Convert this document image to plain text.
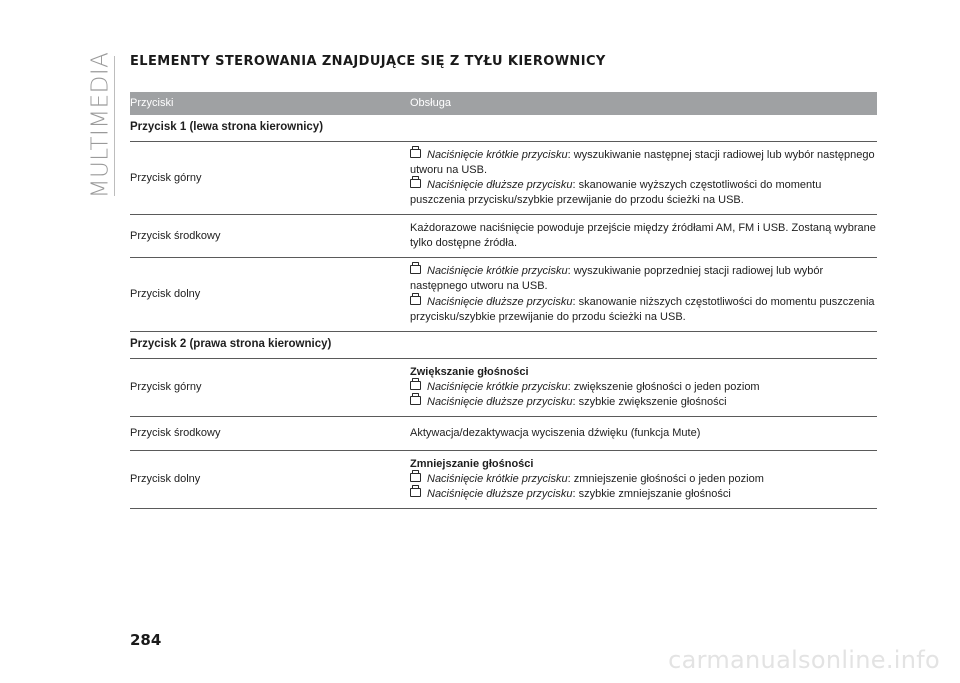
MULTIMEDIA ELEMENTY STEROWANIA ZNAJDUJĄCE SIĘ Z TYŁU KIEROWNICY
Przyciski	Obsługa
Przycisk 1 (lewa strona kierownicy)	
Przycisk górny	Naciśnięcie krótkie przycisku: wyszukiwanie następnej stacji radiowej lub wybór następnego utworu na USB.
Naciśnięcie dłuższe przycisku: skanowanie wyższych częstotliwości do momentu puszczenia przycisku/szybkie przewijanie do przodu ścieżki na USB.

Przycisk środkowy	Każdorazowe naciśnięcie powoduje przejście między źródłami AM, FM i USB. Zostaną wybrane tylko dostępne źródła.
Przycisk dolny	Naciśnięcie krótkie przycisku: wyszukiwanie poprzedniej stacji radiowej lub wybór następnego utworu na USB.
Naciśnięcie dłuższe przycisku: skanowanie niższych częstotliwości do momentu puszczenia przycisku/szybkie przewijanie do przodu ścieżki na USB.

Przycisk 2 (prawa strona kierownicy)	
Przycisk górny	Zwiększanie głośności
Naciśnięcie krótkie przycisku: zwiększenie głośności o jeden poziom
Naciśnięcie dłuższe przycisku: szybkie zwiększenie głośności

Przycisk środkowy	Aktywacja/dezaktywacja wyciszenia dźwięku (funkcja Mute)
Przycisk dolny	Zmniejszanie głośności
Naciśnięcie krótkie przycisku: zmniejszenie głośności o jeden poziom
Naciśnięcie dłuższe przycisku: szybkie zmniejszanie głośności
284
carmanualsonline.info
